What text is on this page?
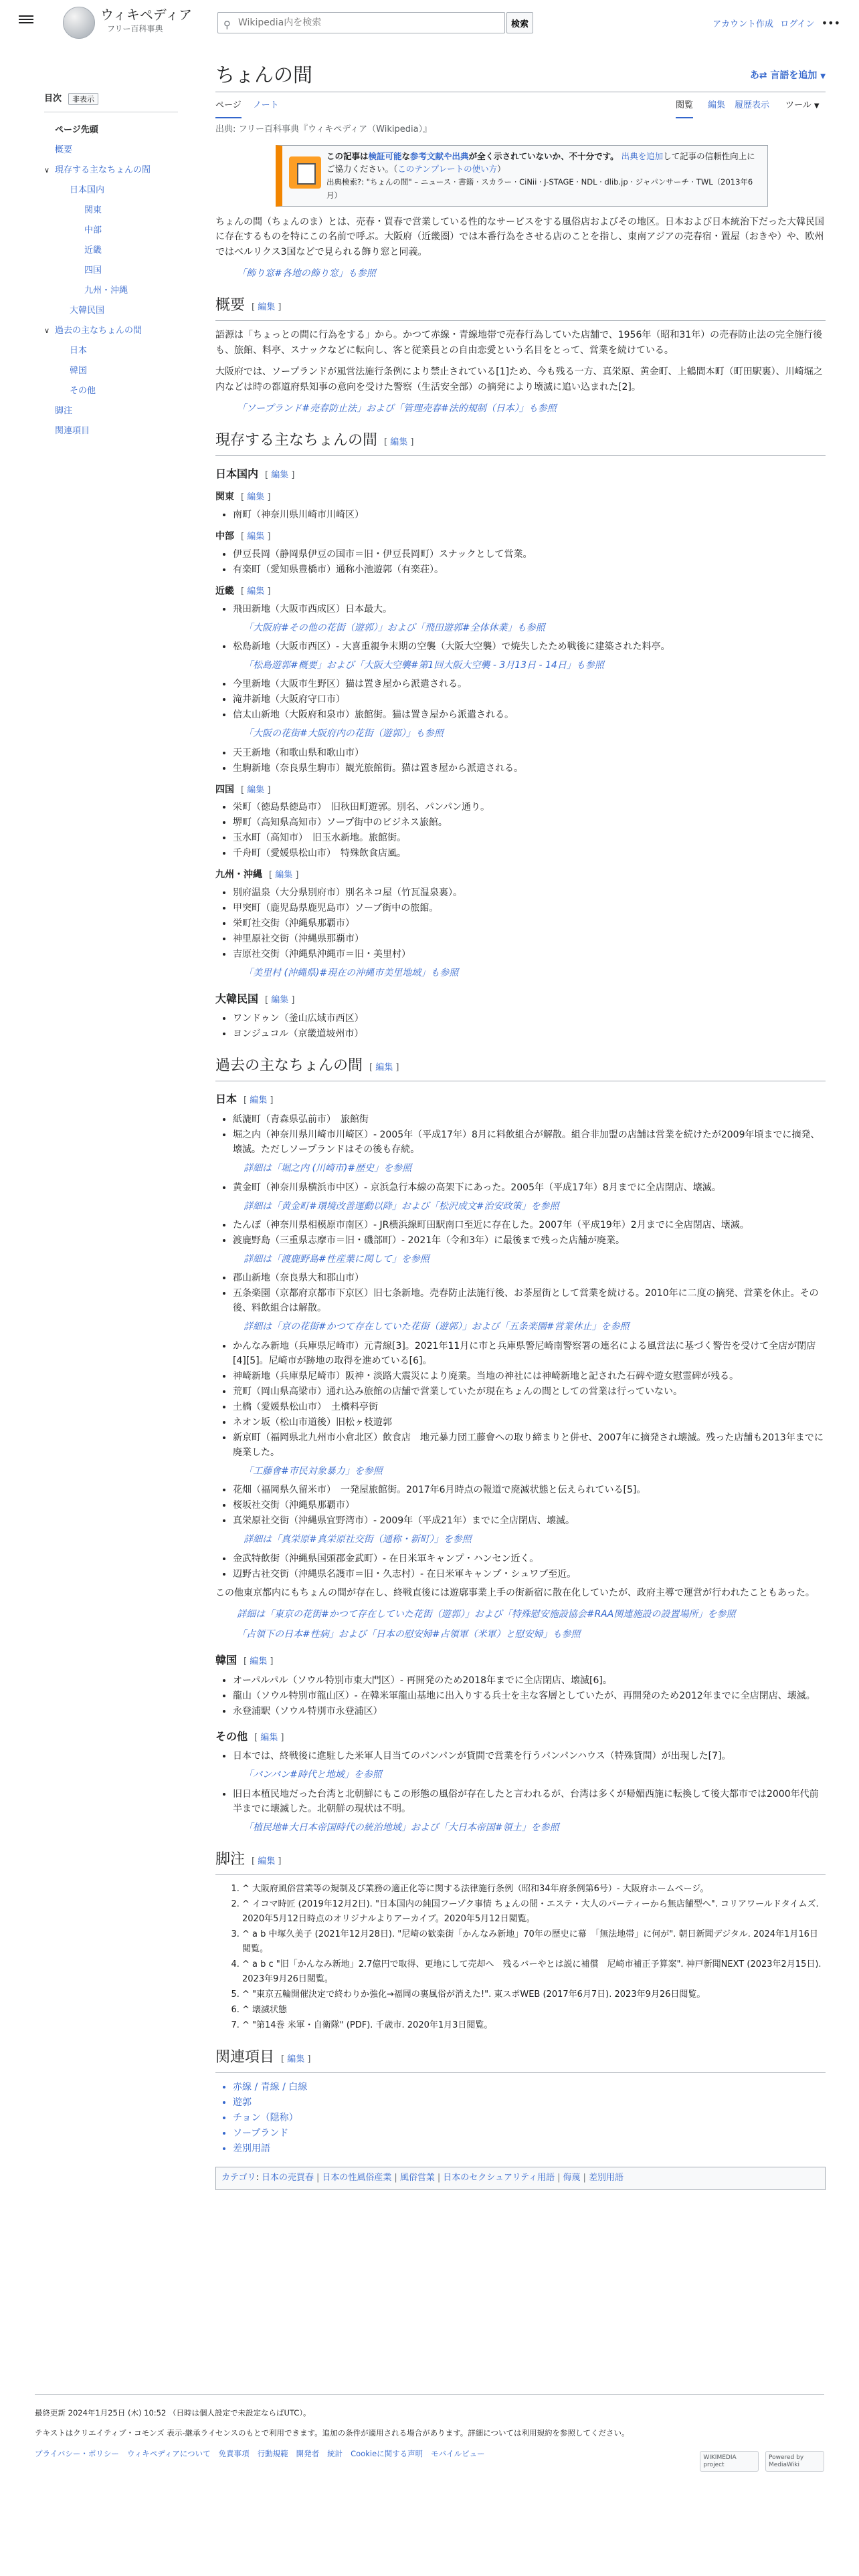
ウィキペディア
フリー百科事典	⚲
Wikipedia内を検索	検索	アカウント作成 ログイン •••
目次	非表示
ページ先頭
概要
∨ 現存する主なちょんの間
日本国内
関東
中部
近畿
四国
九州・沖縄
大韓民国
∨ 過去の主なちょんの間
日本
韓国
その他
脚注
関連項目
ちょんの間	あ⇄ 言語を追加 ▼
ページ ノート	閲覧 編集 履歴表示 ツール ▼
出典: フリー百科事典『ウィキペディア（Wikipedia）』
この記事は検証可能な参考文献や出典が全く示されていないか、不十分です。 出典を追加して記事の信頼性向上にご協力ください。（このテンプレートの使い方）
出典検索?: "ちょんの間" – ニュース · 書籍 · スカラー · CiNii · J-STAGE · NDL · dlib.jp · ジャパンサーチ · TWL（2013年6月）

ちょんの間（ちょんのま）とは、売春・買春で営業している性的なサービスをする風俗店およびその地区。日本および日本統治下だった大韓民国に存在するものを特にこの名前で呼ぶ。大阪府（近畿圏）では本番行為をさせる店のことを指し、東南アジアの売春宿・置屋（おきや）や、欧州ではベルリクス3国などで見られる飾り窓と同義。

「飾り窓#各地の飾り窓」も参照
概要 [ 編集 ]

語源は「ちょっとの間に行為をする」から。かつて赤線・青線地帯で売春行為していた店舗で、1956年（昭和31年）の売春防止法の完全施行後も、旅館、料亭、スナックなどに転向し、客と従業員との自由恋愛という名目をとって、営業を続けている。

大阪府では、ソープランドが風営法施行条例により禁止されている[1]ため、今も残る一方、真栄原、黄金町、上鶴間本町（町田駅裏）、川崎堀之内などは時の都道府県知事の意向を受けた警察（生活安全部）の摘発により壊滅に追い込まれた[2]。

「ソープランド#売春防止法」および「管理売春#法的規制（日本）」も参照
現存する主なちょんの間 [ 編集 ]
日本国内 [ 編集 ]
関東 [ 編集 ]
• 南町（神奈川県川崎市川崎区）
中部 [ 編集 ]
• 伊豆長岡（静岡県伊豆の国市＝旧・伊豆長岡町）スナックとして営業。
• 有楽町（愛知県豊橋市）通称小池遊郭（有楽荘）。
近畿 [ 編集 ]
• 飛田新地（大阪市西成区）日本最大。
「大阪府#その他の花街（遊郭）」および「飛田遊郭#全体休業」も参照
• 松島新地（大阪市西区）- 大喜重親争末期の空襲（大阪大空襲）で焼失したため戦後に建築された料亭。
「松島遊郭#概要」および「大阪大空襲#第1回大阪大空襲 - 3月13日 - 14日」も参照
• 今里新地（大阪市生野区）猫は置き屋から派遣される。
• 滝井新地（大阪府守口市）
• 信太山新地（大阪府和泉市）旅館街。猫は置き屋から派遣される。
「大阪の花街#大阪府内の花街（遊郭）」も参照
• 天王新地（和歌山県和歌山市）
• 生駒新地（奈良県生駒市）観光旅館街。猫は置き屋から派遣される。
四国 [ 編集 ]
• 栄町（徳島県徳島市）　旧秋田町遊郭。別名、パンパン通り。
• 堺町（高知県高知市）ソープ街中のビジネス旅館。
• 玉水町（高知市）　旧玉水新地。旅館街。
• 千舟町（愛媛県松山市）　特殊飲食店風。
九州・沖縄 [ 編集 ]
• 別府温泉（大分県別府市）別名ネコ屋（竹瓦温泉裏）。
• 甲突町（鹿児島県鹿児島市）ソープ街中の旅館。
• 栄町社交街（沖縄県那覇市）
• 神里原社交街（沖縄県那覇市）
• 吉原社交街（沖縄県沖縄市＝旧・美里村）
「美里村 (沖縄県)#現在の沖縄市美里地域」も参照
大韓民国 [ 編集 ]
• ワンドゥン（釜山広域市西区）
• ヨンジュコル（京畿道坡州市）
過去の主なちょんの間 [ 編集 ]
日本 [ 編集 ]
• 紙漉町（青森県弘前市）　旅館街
• 堀之内（神奈川県川崎市川崎区）- 2005年（平成17年）8月に料飲組合が解散。組合非加盟の店舗は営業を続けたが2009年頃までに摘発、壊滅。ただしソープランドはその後も存続。
詳細は「堀之内 (川崎市)#歴史」を参照
• 黄金町（神奈川県横浜市中区）- 京浜急行本線の高架下にあった。2005年（平成17年）8月までに全店閉店、壊滅。
詳細は「黄金町#環境改善運動以降」および「松沢成文#治安政策」を参照
• たんぽ（神奈川県相模原市南区）- JR横浜線町田駅南口至近に存在した。2007年（平成19年）2月までに全店閉店、壊滅。
• 渡鹿野島（三重県志摩市＝旧・磯部町）- 2021年（令和3年）に最後まで残った店舗が廃業。
詳細は「渡鹿野島#性産業に関して」を参照
• 郡山新地（奈良県大和郡山市）
• 五条楽園（京都府京都市下京区）旧七条新地。売春防止法施行後、お茶屋街として営業を続ける。2010年に二度の摘発、営業を休止。その後、料飲組合は解散。
詳細は「京の花街#かつて存在していた花街（遊郭）」および「五条楽園#営業休止」を参照
• かんなみ新地（兵庫県尼崎市）元青線[3]。2021年11月に市と兵庫県警尼崎南警察署の連名による風営法に基づく警告を受けて全店が閉店[4][5]。尼崎市が跡地の取得を進めている[6]。
• 神崎新地（兵庫県尼崎市）阪神・淡路大震災により廃業。当地の神社には神崎新地と記された石碑や遊女慰霊碑が残る。
• 荒町（岡山県高梁市）通れ込み旅館の店舗で営業していたが現在ちょんの間としての営業は行っていない。
• 土橋（愛媛県松山市）　土橋料亭街
• ネオン坂（松山市道後）旧松ヶ枝遊郭
• 新京町（福岡県北九州市小倉北区）飲食店　地元暴力団工藤會への取り締まりと併せ、2007年に摘発され壊滅。残った店舗も2013年までに廃業した。
「工藤會#市民対象暴力」を参照
• 花畑（福岡県久留米市）　一発屋旅館街。2017年6月時点の報道で廃滅状態と伝えられている[5]。
• 桜坂社交街（沖縄県那覇市）
• 真栄原社交街（沖縄県宜野湾市）- 2009年（平成21年）までに全店閉店、壊滅。
詳細は「真栄原#真栄原社交街（通称・新町）」を参照
• 金武特飲街（沖縄県国頭郡金武町）- 在日米軍キャンプ・ハンセン近く。
• 辺野古社交街（沖縄県名護市＝旧・久志村）- 在日米軍キャンプ・シュワブ至近。

この他東京都内にもちょんの間が存在し、終戦直後には遊廓事業上手の街新宿に散在化していたが、政府主導で運営が行われたこともあった。

詳細は「東京の花街#かつて存在していた花街（遊郭）」および「特殊慰安施設協会#RAA関連施設の設置場所」を参照
「占領下の日本#性病」および「日本の慰安婦#占領軍（米軍）と慰安婦」も参照
韓国 [ 編集 ]
• オーパルパル（ソウル特別市東大門区）- 再開発のため2018年までに全店閉店、壊滅[6]。
• 龍山（ソウル特別市龍山区）- 在韓米軍龍山基地に出入りする兵士を主な客層としていたが、再開発のため2012年までに全店閉店、壊滅。
• 永登浦駅（ソウル特別市永登浦区）
その他 [ 編集 ]
• 日本では、終戦後に進駐した米軍人目当てのパンパンが貸間で営業を行うパンパンハウス（特殊貸間）が出現した[7]。
「パンパン#時代と地域」を参照
• 旧日本植民地だった台湾と北朝鮮にもこの形態の風俗が存在したと言われるが、台湾は多くが帰媚西施に転換して後大都市では2000年代前半までに壊滅した。北朝鮮の現状は不明。
「植民地#大日本帝国時代の統治地域」および「大日本帝国#領土」を参照
脚注 [ 編集 ]
1. ^ 大阪府風俗営業等の規制及び業務の適正化等に関する法律施行条例（昭和34年府条例第6号）- 大阪府ホームページ。
2. ^ イコマ時匠 (2019年12月2日). "日本国内の純国フーゾク事情 ちょんの間・エステ・大人のパーティーから無店舗型へ". コリアワールドタイムズ. 2020年5月12日時点のオリジナルよりアーカイブ。2020年5月12日閲覧。
3. ^ a b 中塚久美子 (2021年12月28日). "尼崎の歓楽街「かんなみ新地」70年の歴史に幕　「無法地帯」に何が". 朝日新聞デジタル. 2024年1月16日閲覧。
4. ^ a b c "旧「かんなみ新地」2.7億円で取得、更地にして売却へ　残るバーやとは説に補償　尼崎市補正予算案". 神戸新聞NEXT (2023年2月15日). 2023年9月26日閲覧。
5. ^ "東京五輪開催決定で終わりか強化→福岡の裏風俗が消えた!". 東スポWEB (2017年6月7日). 2023年9月26日閲覧。
6. ^ 壊滅状態
7. ^ "第14巻 米軍・自衛隊" (PDF). 千歳市. 2020年1月3日閲覧。
関連項目 [ 編集 ]
• 赤線 / 青線 / 白線
• 遊郭
• チョン（隠称）
• ソープランド
• 差別用語
カテゴリ: 日本の売買春 | 日本の性風俗産業 | 風俗営業 | 日本のセクシュアリティ用語 | 侮蔑 | 差別用語

最終更新 2024年1月25日 (木) 10:52 （日時は個人設定で未設定ならばUTC）。

テキストはクリエイティブ・コモンズ 表示-継承ライセンスのもとで利用できます。追加の条件が適用される場合があります。詳細については利用規約を参照してください。

プライバシー・ポリシー ウィキペディアについて 免責事項 行動規範 開発者 統計 Cookieに関する声明 モバイルビュー	WIKIMEDIA project Powered by MediaWiki
